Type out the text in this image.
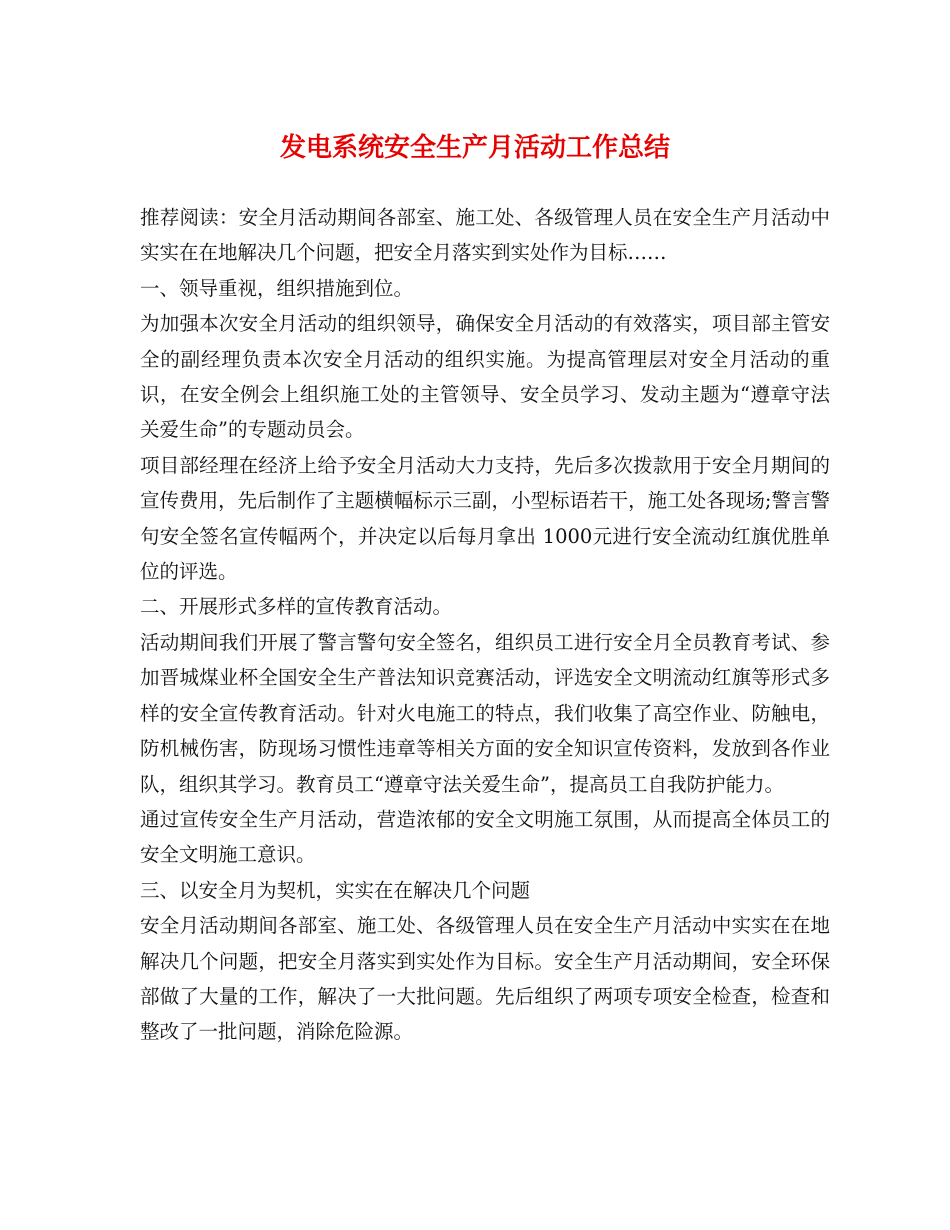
发电系统安全生产月活动工作总结

推荐阅读：安全月活动期间各部室、施工处、各级管理人员在安全生产月活动中实实在在地解决几个问题，把安全月落实到实处作为目标……

一、领导重视，组织措施到位。

为加强本次安全月活动的组织领导，确保安全月活动的有效落实，项目部主管安全的副经理负责本次安全月活动的组织实施。为提高管理层对安全月活动的重识，在安全例会上组织施工处的主管领导、安全员学习、发动主题为“遵章守法关爱生命”的专题动员会。

项目部经理在经济上给予安全月活动大力支持，先后多次拨款用于安全月期间的宣传费用，先后制作了主题横幅标示三副，小型标语若干，施工处各现场;警言警句安全签名宣传幅两个，并决定以后每月拿出 1000元进行安全流动红旗优胜单位的评选。

二、开展形式多样的宣传教育活动。

活动期间我们开展了警言警句安全签名，组织员工进行安全月全员教育考试、参加晋城煤业杯全国安全生产普法知识竞赛活动，评选安全文明流动红旗等形式多样的安全宣传教育活动。针对火电施工的特点，我们收集了高空作业、防触电，防机械伤害，防现场习惯性违章等相关方面的安全知识宣传资料，发放到各作业队，组织其学习。教育员工“遵章守法关爱生命”，提高员工自我防护能力。

通过宣传安全生产月活动，营造浓郁的安全文明施工氛围，从而提高全体员工的安全文明施工意识。

三、以安全月为契机，实实在在解决几个问题

安全月活动期间各部室、施工处、各级管理人员在安全生产月活动中实实在在地解决几个问题，把安全月落实到实处作为目标。安全生产月活动期间，安全环保部做了大量的工作，解决了一大批问题。先后组织了两项专项安全检查，检查和整改了一批问题，消除危险源。
